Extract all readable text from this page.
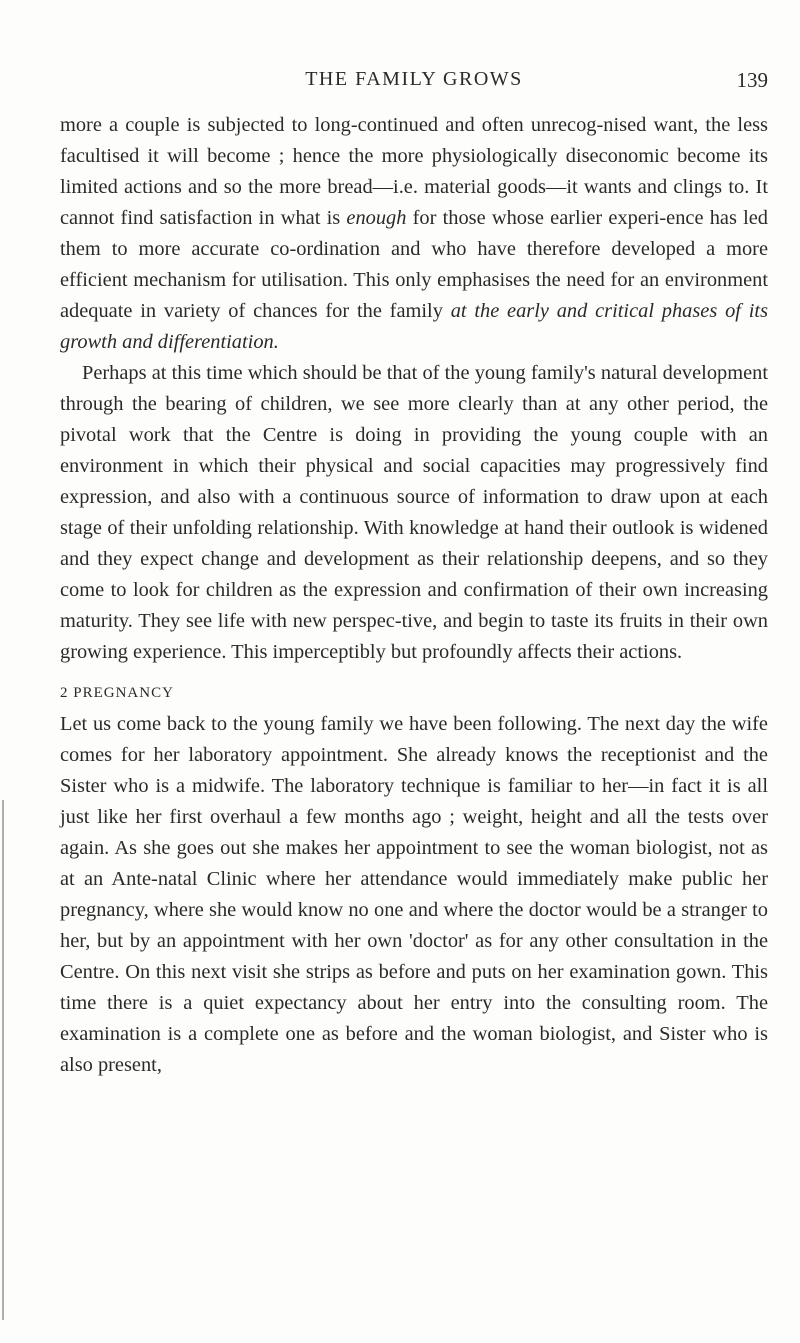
THE FAMILY GROWS	139

more a couple is subjected to long-continued and often unrecog-nised want, the less facultised it will become ; hence the more physiologically diseconomic become its limited actions and so the more bread—i.e. material goods—it wants and clings to. It cannot find satisfaction in what is enough for those whose earlier experi-ence has led them to more accurate co-ordination and who have therefore developed a more efficient mechanism for utilisation. This only emphasises the need for an environment adequate in variety of chances for the family at the early and critical phases of its growth and differentiation.

Perhaps at this time which should be that of the young family's natural development through the bearing of children, we see more clearly than at any other period, the pivotal work that the Centre is doing in providing the young couple with an environment in which their physical and social capacities may progressively find expression, and also with a continuous source of information to draw upon at each stage of their unfolding relationship. With knowledge at hand their outlook is widened and they expect change and development as their relationship deepens, and so they come to look for children as the expression and confirmation of their own increasing maturity. They see life with new perspec-tive, and begin to taste its fruits in their own growing experience. This imperceptibly but profoundly affects their actions.

2 PREGNANCY

Let us come back to the young family we have been following. The next day the wife comes for her laboratory appointment. She already knows the receptionist and the Sister who is a midwife. The laboratory technique is familiar to her—in fact it is all just like her first overhaul a few months ago ; weight, height and all the tests over again. As she goes out she makes her appointment to see the woman biologist, not as at an Ante-natal Clinic where her attendance would immediately make public her pregnancy, where she would know no one and where the doctor would be a stranger to her, but by an appointment with her own 'doctor' as for any other consultation in the Centre. On this next visit she strips as before and puts on her examination gown. This time there is a quiet expectancy about her entry into the consulting room. The examination is a complete one as before and the woman biologist, and Sister who is also present,
